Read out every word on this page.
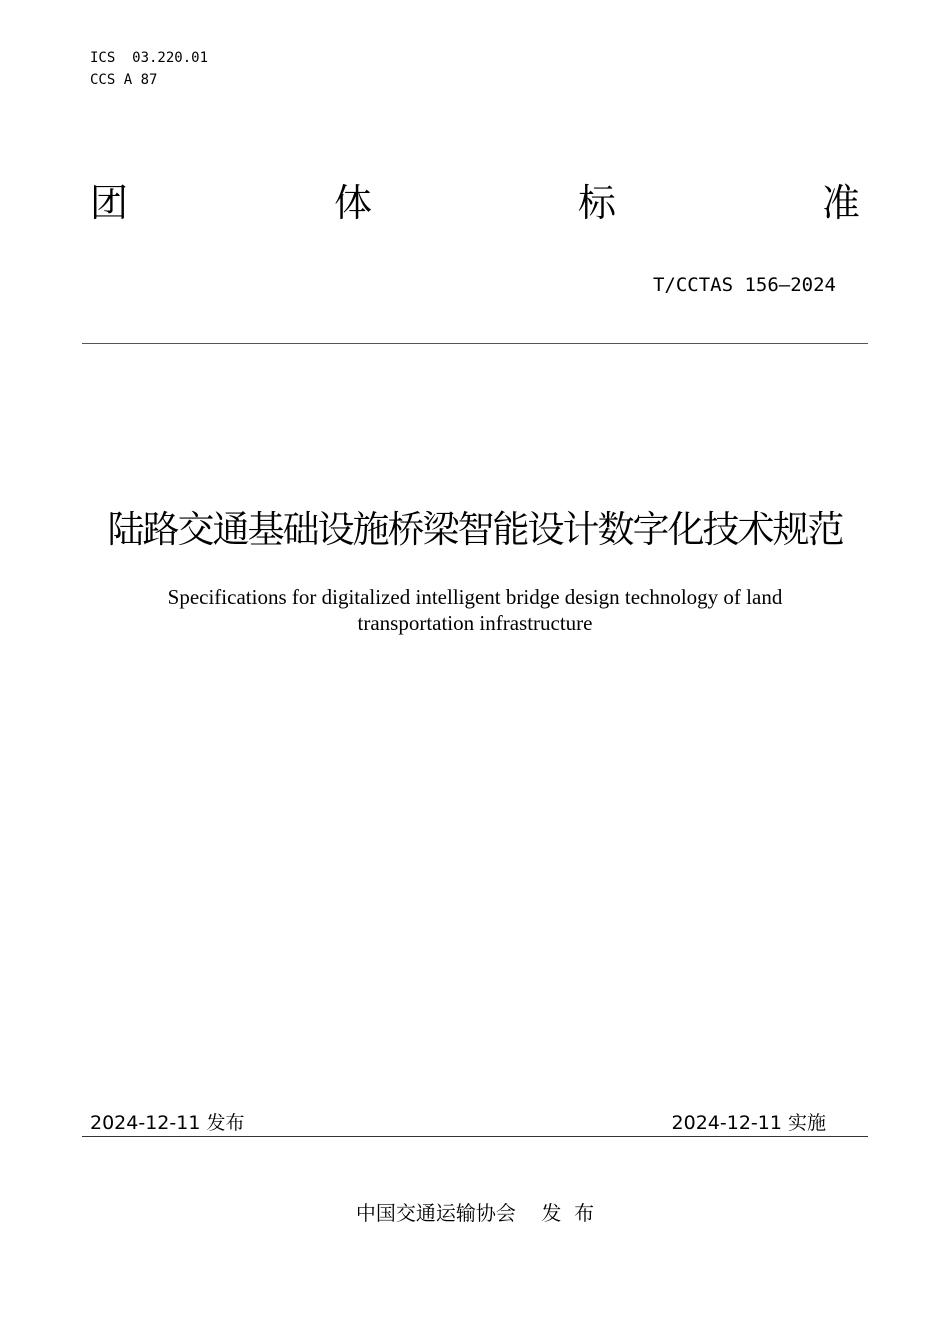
ICS  03.220.01
CCS A 87
团	体	标	准
T/CCTAS 156—2024
陆路交通基础设施桥梁智能设计数字化技术规范
Specifications for digitalized intelligent bridge design technology of land
transportation infrastructure
2024-12-11 发布	2024-12-11 实施
中国交通运输协会    发  布
